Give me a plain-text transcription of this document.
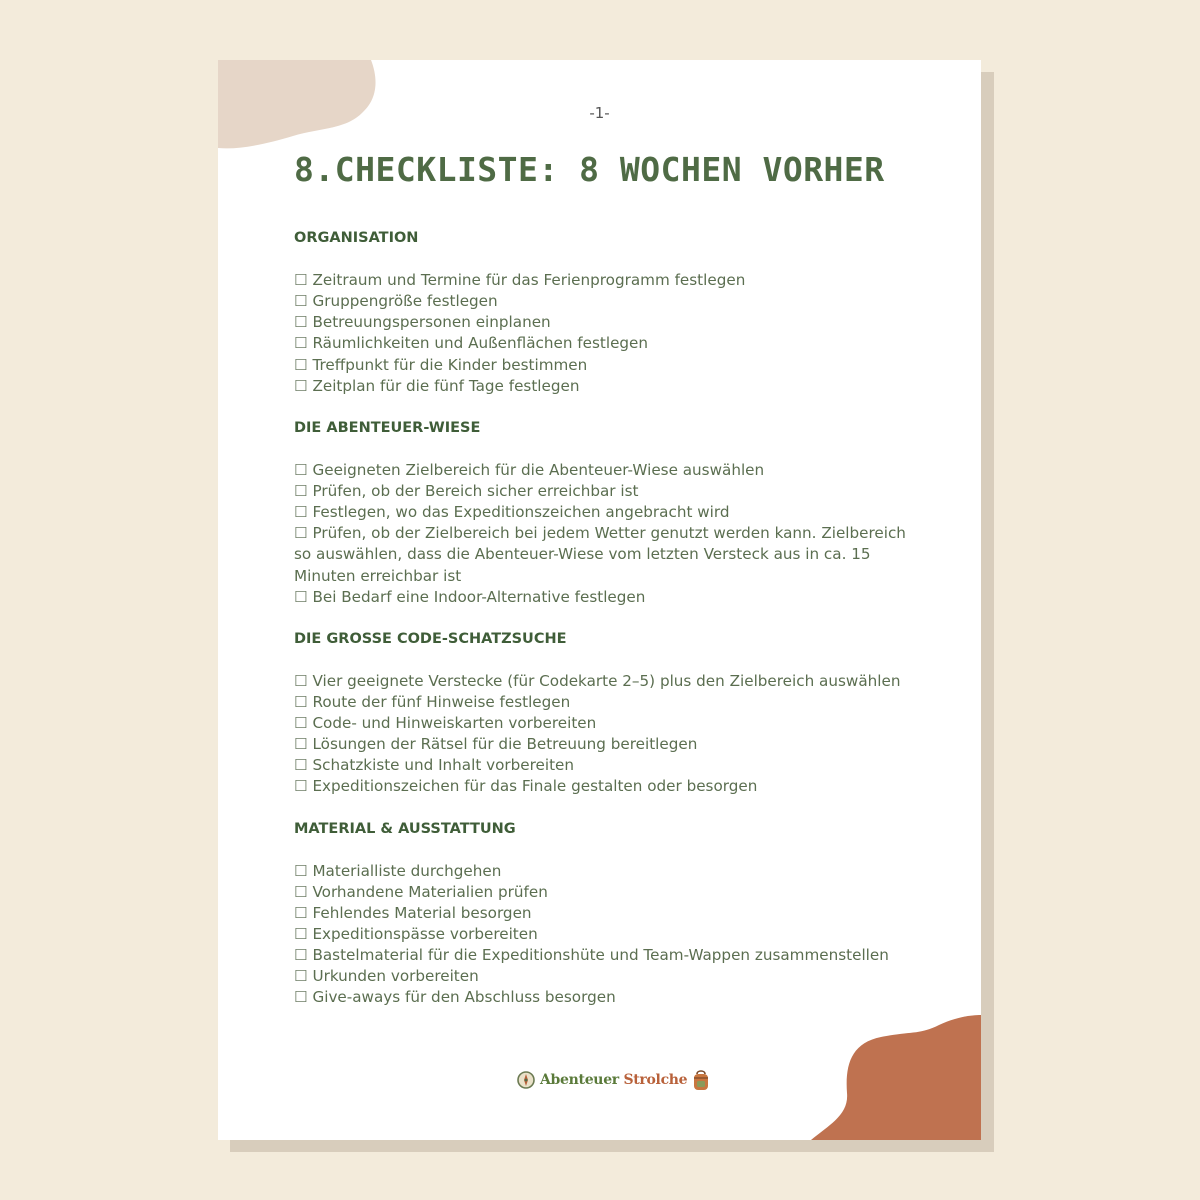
-1-
8.CHECKLISTE: 8 WOCHEN VORHER
ORGANISATION
☐ Zeitraum und Termine für das Ferienprogramm festlegen
☐ Gruppengröße festlegen
☐ Betreuungspersonen einplanen
☐ Räumlichkeiten und Außenflächen festlegen
☐ Treffpunkt für die Kinder bestimmen
☐ Zeitplan für die fünf Tage festlegen
DIE ABENTEUER-WIESE
☐ Geeigneten Zielbereich für die Abenteuer-Wiese auswählen
☐ Prüfen, ob der Bereich sicher erreichbar ist
☐ Festlegen, wo das Expeditionszeichen angebracht wird
☐ Prüfen, ob der Zielbereich bei jedem Wetter genutzt werden kann. Zielbereich so auswählen, dass die Abenteuer-Wiese vom letzten Versteck aus in ca. 15 Minuten erreichbar ist
☐ Bei Bedarf eine Indoor-Alternative festlegen
DIE GROSSE CODE-SCHATZSUCHE
☐ Vier geeignete Verstecke (für Codekarte 2–5) plus den Zielbereich auswählen
☐ Route der fünf Hinweise festlegen
☐ Code- und Hinweiskarten vorbereiten
☐ Lösungen der Rätsel für die Betreuung bereitlegen
☐ Schatzkiste und Inhalt vorbereiten
☐ Expeditionszeichen für das Finale gestalten oder besorgen
MATERIAL & AUSSTATTUNG
☐ Materialliste durchgehen
☐ Vorhandene Materialien prüfen
☐ Fehlendes Material besorgen
☐ Expeditionspässe vorbereiten
☐ Bastelmaterial für die Expeditionshüte und Team-Wappen zusammenstellen
☐ Urkunden vorbereiten
☐ Give-aways für den Abschluss besorgen
Abenteuer Strolche
